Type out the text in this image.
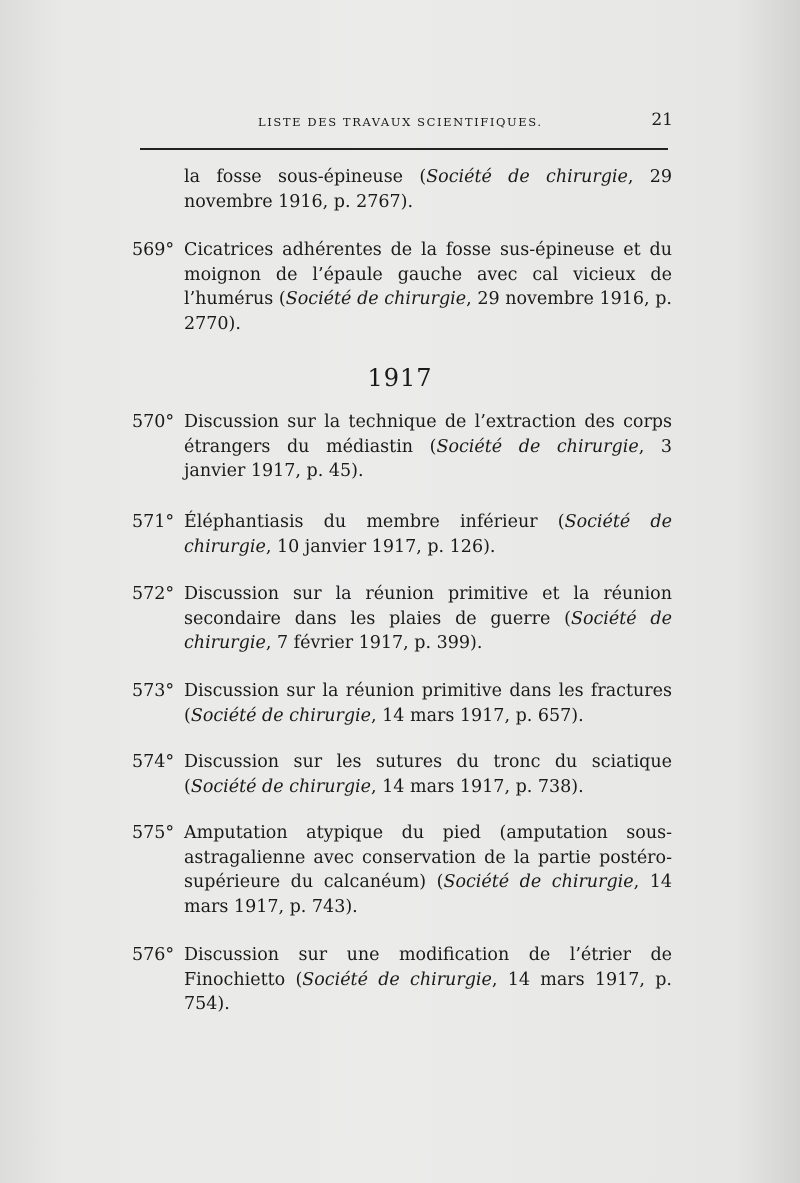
LISTE DES TRAVAUX SCIENTIFIQUES.	21
la fosse sous-épineuse (Société de chirurgie, 29 novembre 1916, p. 2767).
569° Cicatrices adhérentes de la fosse sus-épineuse et du moignon de l’épaule gauche avec cal vicieux de l’humérus (Société de chirurgie, 29 novembre 1916, p. 2770).
1917
570° Discussion sur la technique de l’extraction des corps étrangers du médiastin (Société de chirurgie, 3 janvier 1917, p. 45).
571° Éléphantiasis du membre inférieur (Société de chirurgie, 10 janvier 1917, p. 126).
572° Discussion sur la réunion primitive et la réunion secondaire dans les plaies de guerre (Société de chirurgie, 7 février 1917, p. 399).
573° Discussion sur la réunion primitive dans les fractures (Société de chirurgie, 14 mars 1917, p. 657).
574° Discussion sur les sutures du tronc du sciatique (Société de chirurgie, 14 mars 1917, p. 738).
575° Amputation atypique du pied (amputation sous-astragalienne avec conservation de la partie postéro-supérieure du calcanéum) (Société de chirurgie, 14 mars 1917, p. 743).
576° Discussion sur une modification de l’étrier de Finochietto (Société de chirurgie, 14 mars 1917, p. 754).
